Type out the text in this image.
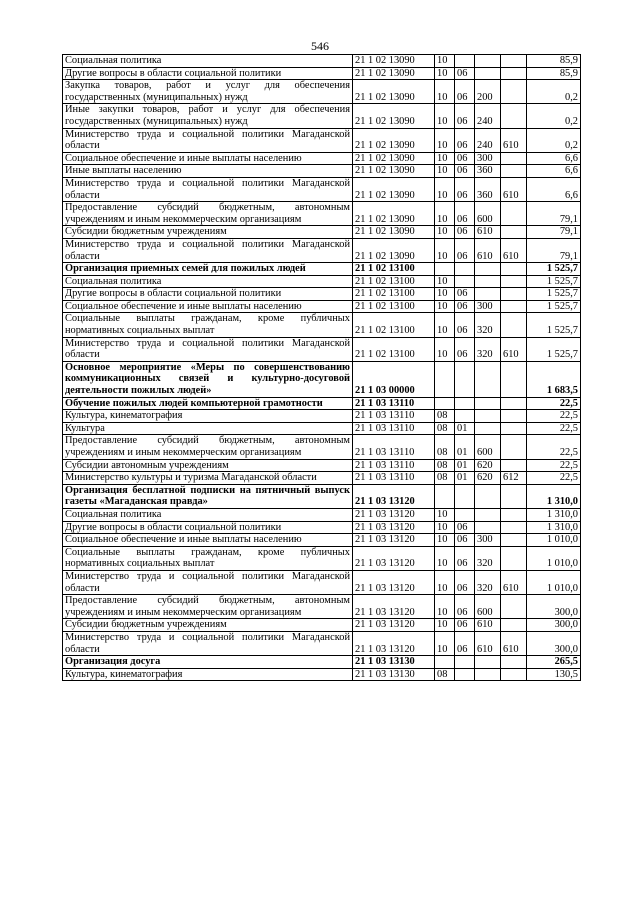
546
Социальная политика	21 1 02 13090	10				85,9
Другие вопросы в области социальной политики	21 1 02 13090	10	06			85,9
Закупка товаров, работ и услуг для обеспечения государственных (муниципальных) нужд	21 1 02 13090	10	06	200		0,2
Иные закупки товаров, работ и услуг для обеспечения государственных (муниципальных) нужд	21 1 02 13090	10	06	240		0,2
Министерство труда и социальной политики Магаданской области	21 1 02 13090	10	06	240	610	0,2
Социальное обеспечение и иные выплаты населению	21 1 02 13090	10	06	300		6,6
Иные выплаты населению	21 1 02 13090	10	06	360		6,6
Министерство труда и социальной политики Магаданской области	21 1 02 13090	10	06	360	610	6,6
Предоставление субсидий бюджетным, автономным учреждениям и иным некоммерческим организациям	21 1 02 13090	10	06	600		79,1
Субсидии бюджетным учреждениям	21 1 02 13090	10	06	610		79,1
Министерство труда и социальной политики Магаданской области	21 1 02 13090	10	06	610	610	79,1
Организация приемных семей для пожилых людей	21 1 02 13100					1 525,7
Социальная политика	21 1 02 13100	10				1 525,7
Другие вопросы в области социальной политики	21 1 02 13100	10	06			1 525,7
Социальное обеспечение и иные выплаты населению	21 1 02 13100	10	06	300		1 525,7
Социальные выплаты гражданам, кроме публичных нормативных социальных выплат	21 1 02 13100	10	06	320		1 525,7
Министерство труда и социальной политики Магаданской области	21 1 02 13100	10	06	320	610	1 525,7
Основное мероприятие «Меры по совершенствованию коммуникационных связей и культурно-досуговой деятельности пожилых людей»	21 1 03 00000					1 683,5
Обучение пожилых людей компьютерной грамотности	21 1 03 13110					22,5
Культура, кинематография	21 1 03 13110	08				22,5
Культура	21 1 03 13110	08	01			22,5
Предоставление субсидий бюджетным, автономным учреждениям и иным некоммерческим организациям	21 1 03 13110	08	01	600		22,5
Субсидии автономным учреждениям	21 1 03 13110	08	01	620		22,5
Министерство культуры и туризма Магаданской области	21 1 03 13110	08	01	620	612	22,5
Организация бесплатной подписки на пятничный выпуск газеты «Магаданская правда»	21 1 03 13120					1 310,0
Социальная политика	21 1 03 13120	10				1 310,0
Другие вопросы в области социальной политики	21 1 03 13120	10	06			1 310,0
Социальное обеспечение и иные выплаты населению	21 1 03 13120	10	06	300		1 010,0
Социальные выплаты гражданам, кроме публичных нормативных социальных выплат	21 1 03 13120	10	06	320		1 010,0
Министерство труда и социальной политики Магаданской области	21 1 03 13120	10	06	320	610	1 010,0
Предоставление субсидий бюджетным, автономным учреждениям и иным некоммерческим организациям	21 1 03 13120	10	06	600		300,0
Субсидии бюджетным учреждениям	21 1 03 13120	10	06	610		300,0
Министерство труда и социальной политики Магаданской области	21 1 03 13120	10	06	610	610	300,0
Организация досуга	21 1 03 13130					265,5
Культура, кинематография	21 1 03 13130	08				130,5
